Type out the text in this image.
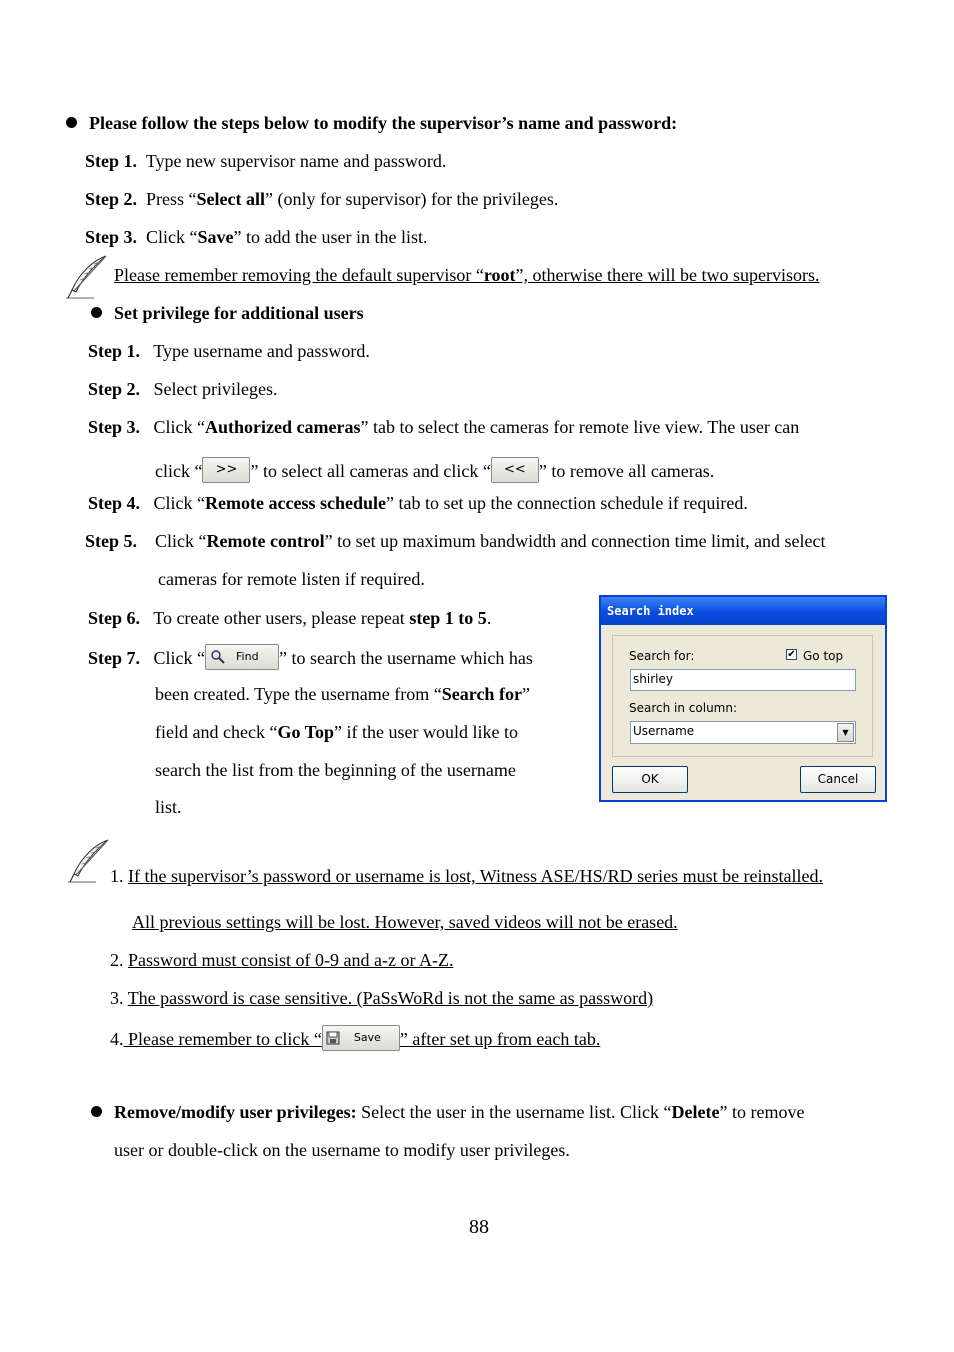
Please follow the steps below to modify the supervisor’s name and password:
Step 1. Type new supervisor name and password.
Step 2. Press “Select all” (only for supervisor) for the privileges.
Step 3. Click “Save” to add the user in the list.
Please remember removing the default supervisor “root”, otherwise there will be two supervisors.
Set privilege for additional users
Step 1. Type username and password.
Step 2. Select privileges.
Step 3. Click “Authorized cameras” tab to select the cameras for remote live view. The user can
click “ >> ” to select all cameras and click “ << ” to remove all cameras.
Step 4. Click “Remote access schedule” tab to set up the connection schedule if required.
Step 5. Click “Remote control” to set up maximum bandwidth and connection time limit, and select
cameras for remote listen if required.
Step 6. To create other users, please repeat step 1 to 5.
Step 7. Click “	Find ” to search the username which has
been created. Type the username from “Search for”
field and check “Go Top” if the user would like to
search the list from the beginning of the username
list.
Search index
Search for:	✔ Go top
shirley
Search in column:
Username	▼
OK	Cancel
1. If the supervisor’s password or username is lost, Witness ASE/HS/RD series must be reinstalled.
All previous settings will be lost. However, saved videos will not be erased.
2. Password must consist of 0-9 and a-z or A-Z.
3. The password is case sensitive. (PaSsWoRd is not the same as password)
4. Please remember to click “	Save ” after set up from each tab.
Remove/modify user privileges: Select the user in the username list. Click “Delete” to remove
user or double-click on the username to modify user privileges.
88
